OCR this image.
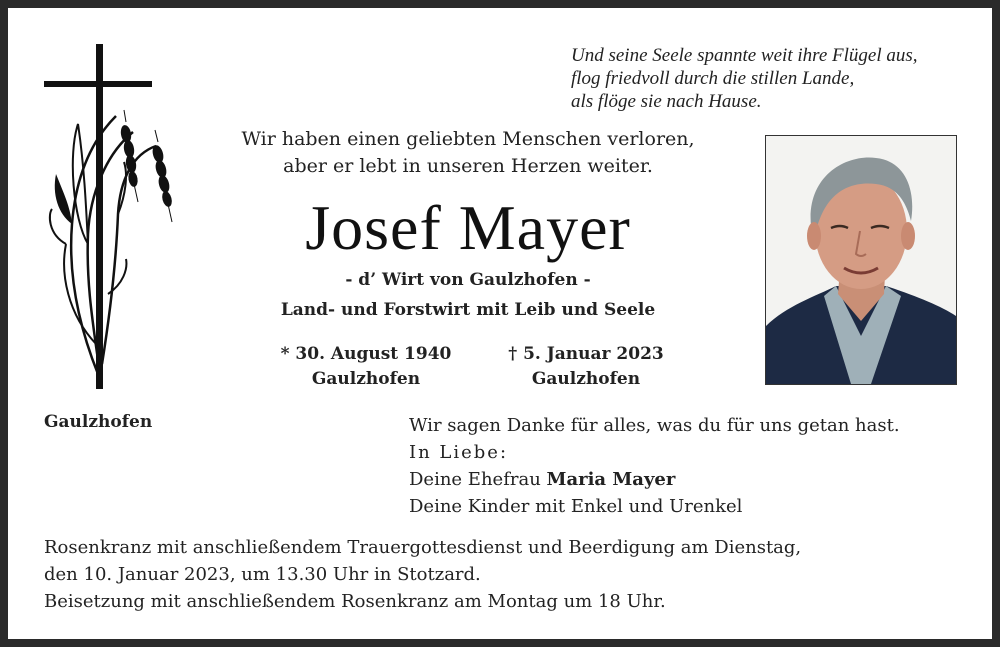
Und seine Seele spannte weit ihre Flügel aus,
flog friedvoll durch die stillen Lande,
als flöge sie nach Hause.
Wir haben einen geliebten Menschen verloren,
aber er lebt in unseren Herzen weiter.
Josef Mayer
- d’ Wirt von Gaulzhofen -
Land- und Forstwirt mit Leib und Seele
* 30. August 1940
Gaulzhofen
† 5. Januar 2023
Gaulzhofen
Gaulzhofen	Wir sagen Danke für alles, was du für uns getan hast.
In Liebe:
Deine Ehefrau Maria Mayer
Deine Kinder mit Enkel und Urenkel
Rosenkranz mit anschließendem Trauergottesdienst und Beerdigung am Dienstag,
den 10. Januar 2023, um 13.30 Uhr in Stotzard.
Beisetzung mit anschließendem Rosenkranz am Montag um 18 Uhr.
